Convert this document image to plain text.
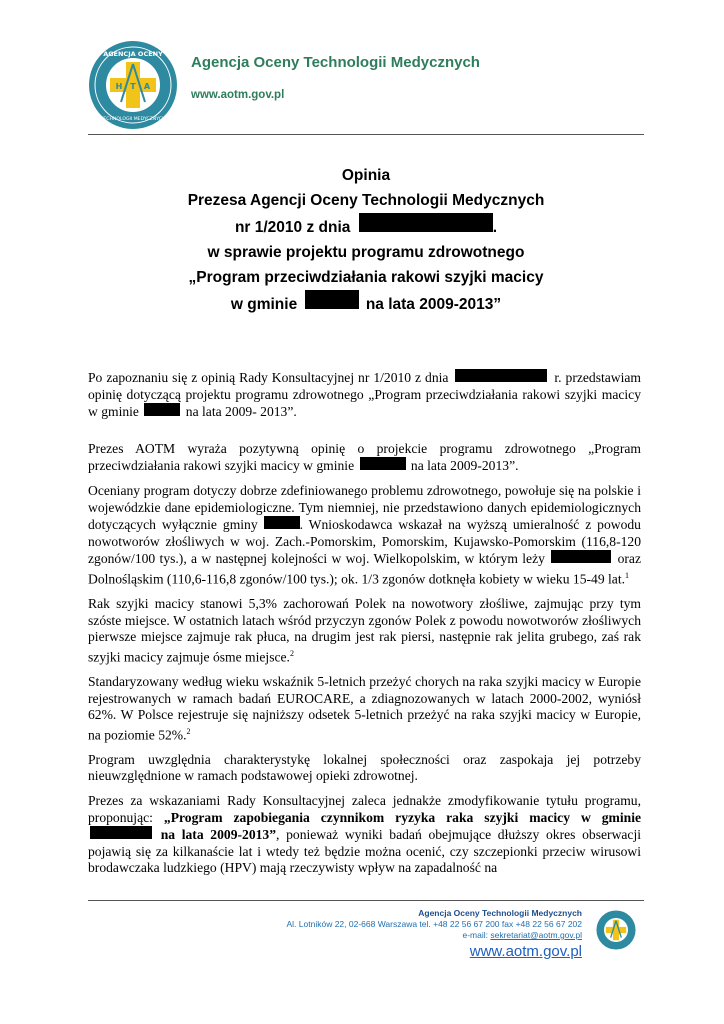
AGENCJA OCENY
TECHNOLOGII MEDYCZNYCH
H T A
Agencja Oceny Technologii Medycznych
www.aotm.gov.pl
Opinia
Prezesa Agencji Oceny Technologii Medycznych
nr 1/2010 z dnia	.
w sprawie projektu programu zdrowotnego
„Program przeciwdziałania rakowi szyjki macicy
w gminie	na lata 2009-2013”

Po zapoznaniu się z opinią Rady Konsultacyjnej nr 1/2010 z dnia	r. przedstawiam opinię dotyczącą projektu programu zdrowotnego „Program przeciwdziałania rakowi szyjki macicy w gminie	na lata 2009- 2013”.

Prezes AOTM wyraża pozytywną opinię o projekcie programu zdrowotnego „Program przeciwdziałania rakowi szyjki macicy w gminie	na lata 2009-2013”.

Oceniany program dotyczy dobrze zdefiniowanego problemu zdrowotnego, powołuje się na polskie i wojewódzkie dane epidemiologiczne. Tym niemniej, nie przedstawiono danych epidemiologicznych dotyczących wyłącznie gminy	. Wnioskodawca wskazał na wyższą umieralność z powodu nowotworów złośliwych w woj. Zach.-Pomorskim, Pomorskim, Kujawsko-Pomorskim (116,8-120 zgonów/100 tys.), a w następnej kolejności w woj. Wielkopolskim, w którym leży	oraz Dolnośląskim (110,6-116,8 zgonów/100 tys.); ok. 1/3 zgonów dotknęła kobiety w wieku 15-49 lat.$^1$

Rak szyjki macicy stanowi 5,3% zachorowań Polek na nowotwory złośliwe, zajmując przy tym szóste miejsce. W ostatnich latach wśród przyczyn zgonów Polek z powodu nowotworów złośliwych pierwsze miejsce zajmuje rak płuca, na drugim jest rak piersi, następnie rak jelita grubego, zaś rak szyjki macicy zajmuje ósme miejsce.$^2$

Standaryzowany według wieku wskaźnik 5-letnich przeżyć chorych na raka szyjki macicy w Europie rejestrowanych w ramach badań EUROCARE, a zdiagnozowanych w latach 2000-2002, wyniósł 62%. W Polsce rejestruje się najniższy odsetek 5-letnich przeżyć na raka szyjki macicy w Europie, na poziomie 52%.$^2$

Program uwzględnia charakterystykę lokalnej społeczności oraz zaspokaja jej potrzeby nieuwzględnione w ramach podstawowej opieki zdrowotnej.

Prezes za wskazaniami Rady Konsultacyjnej zaleca jednakże zmodyfikowanie tytułu programu, proponując: „Program zapobiegania czynnikom ryzyka raka szyjki macicy w gminie  na lata 2009-2013”, ponieważ wyniki badań obejmujące dłuższy okres obserwacji pojawią się za kilkanaście lat i wtedy też będzie można ocenić, czy szczepionki przeciw wirusowi brodawczaka ludzkiego (HPV) mają rzeczywisty wpływ na zapadalność na

Agencja Oceny Technologii Medycznych
Al. Lotników 22, 02-668 Warszawa tel. +48 22 56 67 200 fax +48 22 56 67 202
e-mail: sekretariat@aotm.gov.pl
www.aotm.gov.pl
